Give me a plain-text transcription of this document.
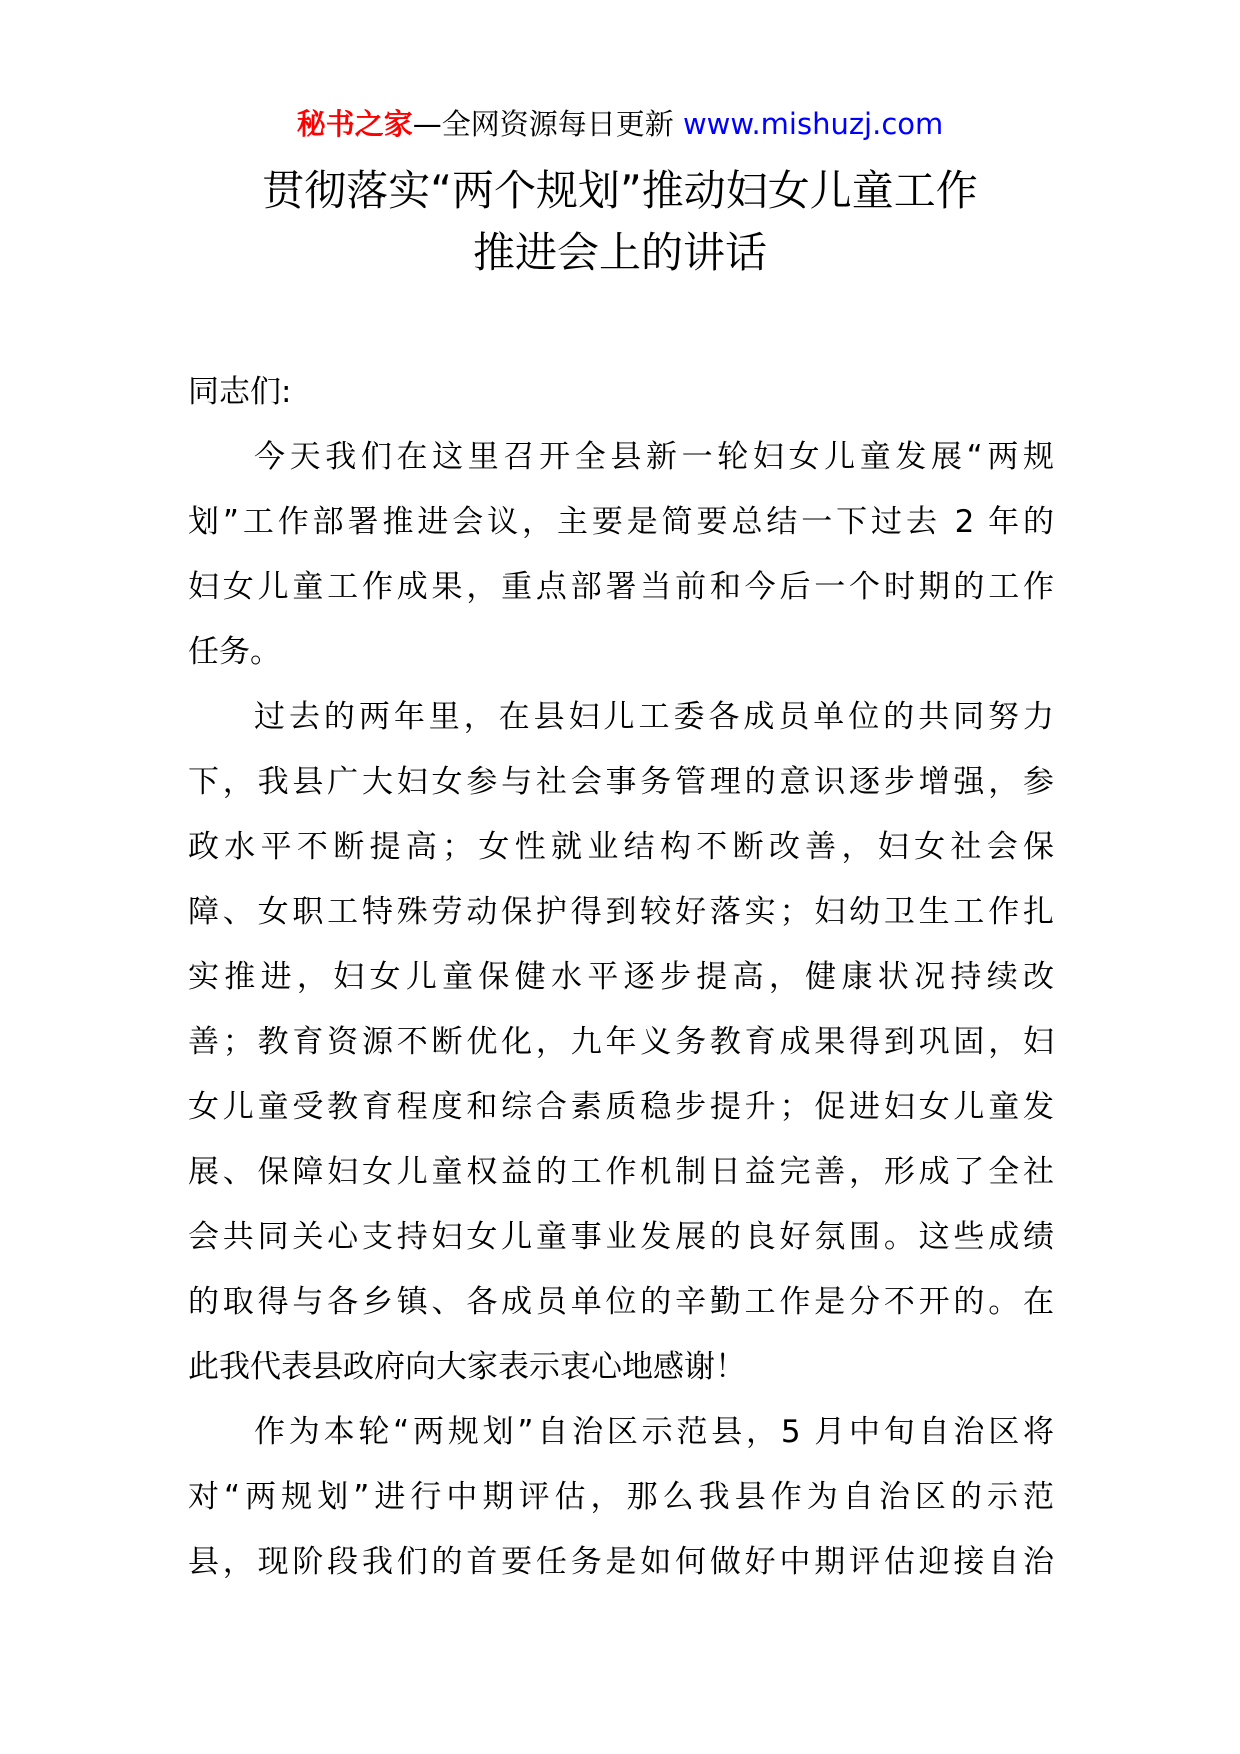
秘书之家—全网资源每日更新 www.mishuzj.com
贯彻落实“两个规划”推动妇女儿童工作
推进会上的讲话
同志们:
今天我们在这里召开全县新一轮妇女儿童发展“两规
划”工作部署推进会议，主要是简要总结一下过去 2 年的
妇女儿童工作成果，重点部署当前和今后一个时期的工作
任务。
过去的两年里，在县妇儿工委各成员单位的共同努力
下，我县广大妇女参与社会事务管理的意识逐步增强，参
政水平不断提高；女性就业结构不断改善，妇女社会保
障、女职工特殊劳动保护得到较好落实；妇幼卫生工作扎
实推进，妇女儿童保健水平逐步提高，健康状况持续改
善；教育资源不断优化，九年义务教育成果得到巩固，妇
女儿童受教育程度和综合素质稳步提升；促进妇女儿童发
展、保障妇女儿童权益的工作机制日益完善，形成了全社
会共同关心支持妇女儿童事业发展的良好氛围。这些成绩
的取得与各乡镇、各成员单位的辛勤工作是分不开的。在
此我代表县政府向大家表示衷心地感谢！
作为本轮“两规划”自治区示范县，5 月中旬自治区将
对“两规划”进行中期评估，那么我县作为自治区的示范
县，现阶段我们的首要任务是如何做好中期评估迎接自治
